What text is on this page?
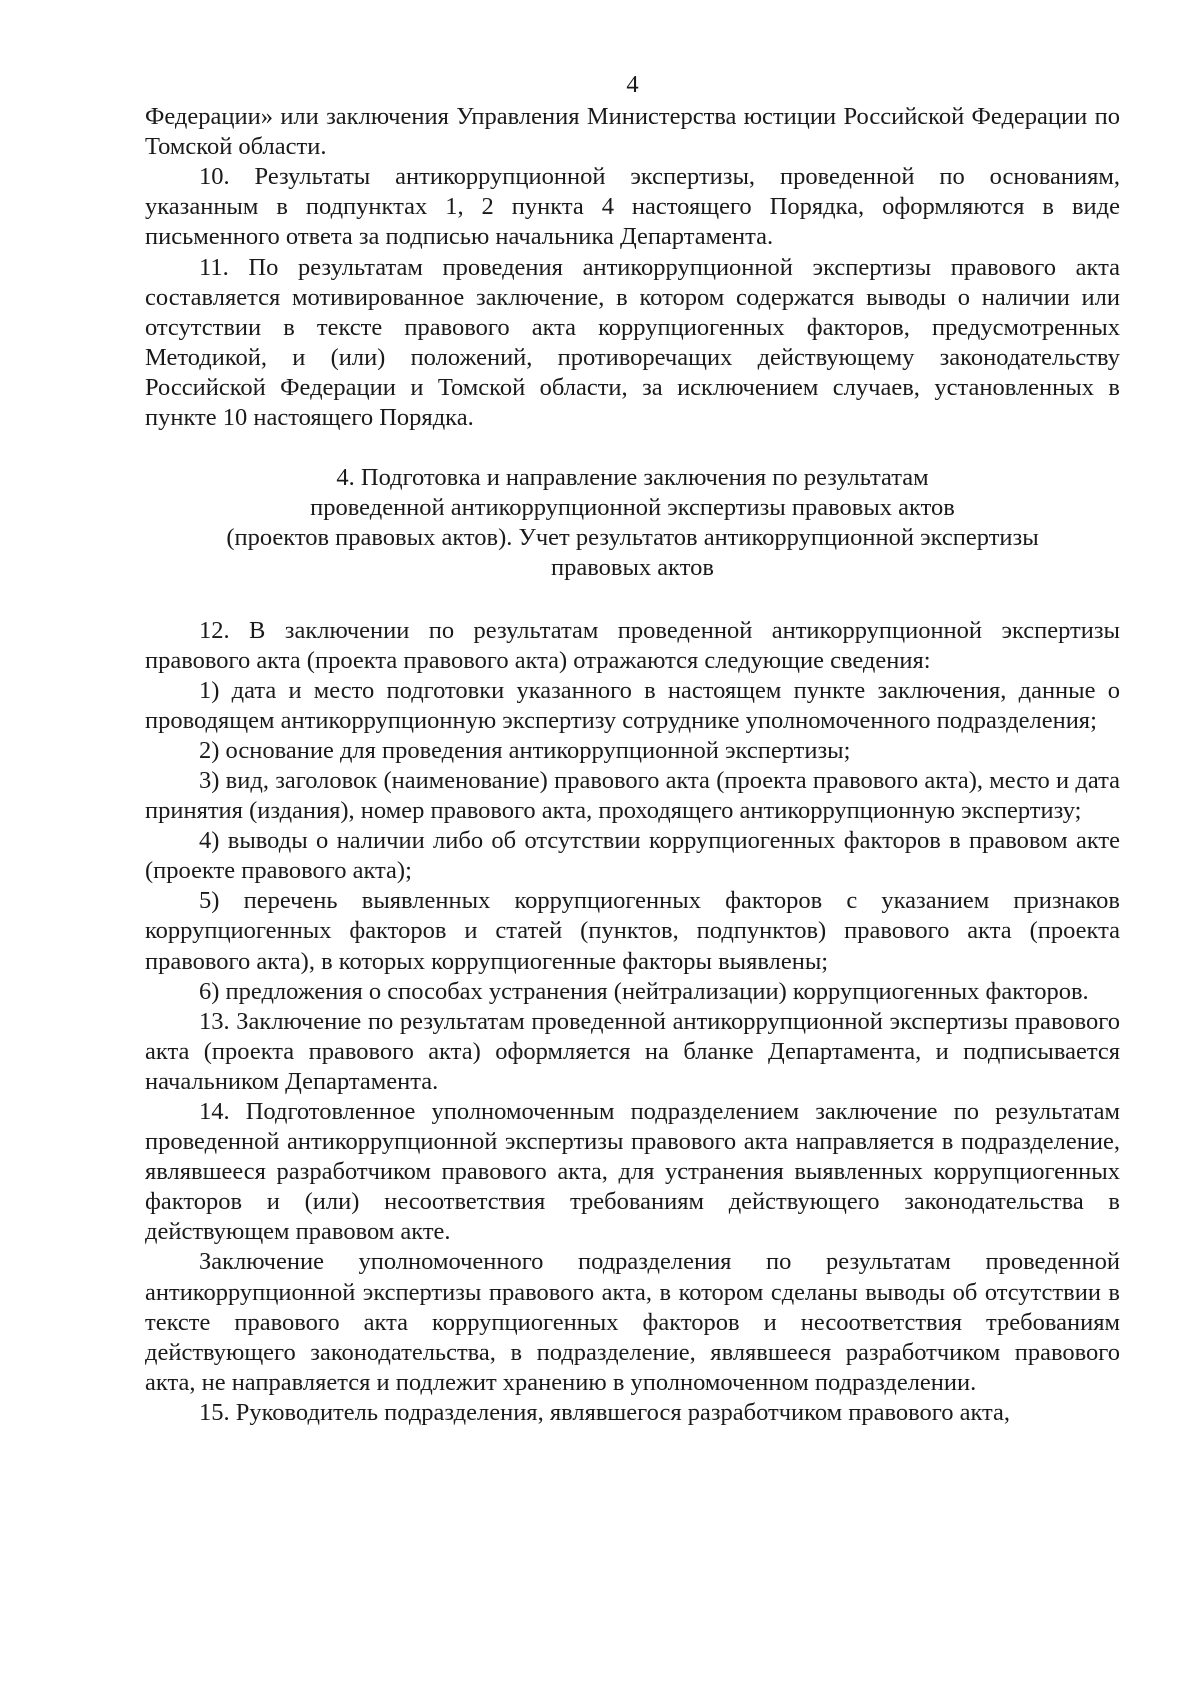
4

Федерации» или заключения Управления Министерства юстиции Российской Федерации по Томской области.

10. Результаты антикоррупционной экспертизы, проведенной по основаниям, указанным в подпунктах 1, 2 пункта 4 настоящего Порядка, оформляются в виде письменного ответа за подписью начальника Департамента.

11. По результатам проведения антикоррупционной экспертизы правового акта составляется мотивированное заключение, в котором содержатся выводы о наличии или отсутствии в тексте правового акта коррупциогенных факторов, предусмотренных Методикой, и (или) положений, противоречащих действующему законодательству Российской Федерации и Томской области, за исключением случаев, установленных в пункте 10 настоящего Порядка.

4. Подготовка и направление заключения по результатам
проведенной антикоррупционной экспертизы правовых актов
(проектов правовых актов). Учет результатов антикоррупционной экспертизы
правовых актов

12. В заключении по результатам проведенной антикоррупционной экспертизы правового акта (проекта правового акта) отражаются следующие сведения:

1) дата и место подготовки указанного в настоящем пункте заключения, данные о проводящем антикоррупционную экспертизу сотруднике уполномоченного подразделения;

2) основание для проведения антикоррупционной экспертизы;

3) вид, заголовок (наименование) правового акта (проекта правового акта), место и дата принятия (издания), номер правового акта, проходящего антикоррупционную экспертизу;

4) выводы о наличии либо об отсутствии коррупциогенных факторов в правовом акте (проекте правового акта);

5) перечень выявленных коррупциогенных факторов с указанием признаков коррупциогенных факторов и статей (пунктов, подпунктов) правового акта (проекта правового акта), в которых коррупциогенные факторы выявлены;

6) предложения о способах устранения (нейтрализации) коррупциогенных факторов.

13. Заключение по результатам проведенной антикоррупционной экспертизы правового акта (проекта правового акта) оформляется на бланке Департамента, и подписывается начальником Департамента.

14. Подготовленное уполномоченным подразделением заключение по результатам проведенной антикоррупционной экспертизы правового акта направляется в подразделение, являвшееся разработчиком правового акта, для устранения выявленных коррупциогенных факторов и (или) несоответствия требованиям действующего законодательства в действующем правовом акте.

Заключение уполномоченного подразделения по результатам проведенной антикоррупционной экспертизы правового акта, в котором сделаны выводы об отсутствии в тексте правового акта коррупциогенных факторов и несоответствия требованиям действующего законодательства, в подразделение, являвшееся разработчиком правового акта, не направляется и подлежит хранению в уполномоченном подразделении.

15. Руководитель подразделения, являвшегося разработчиком правового акта,
